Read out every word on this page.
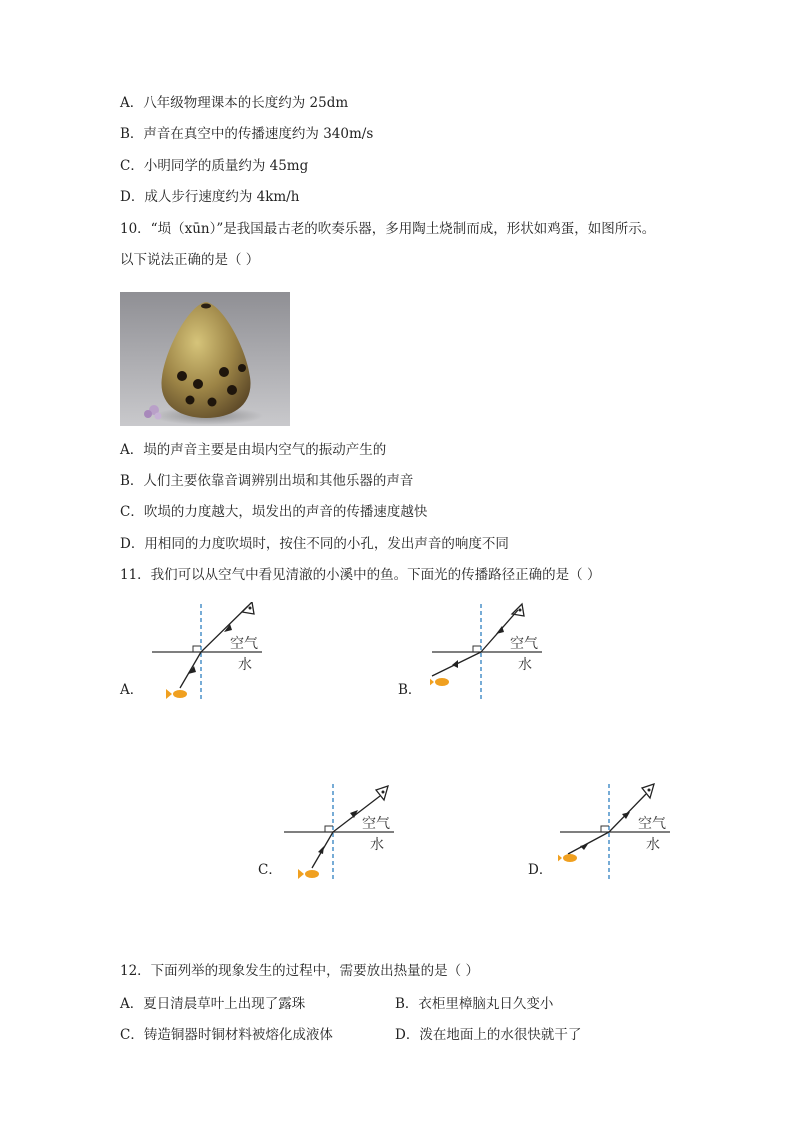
A．八年级物理课本的长度约为 25dm
B．声音在真空中的传播速度约为 340m/s
C．小明同学的质量约为 45mg
D．成人步行速度约为 4km/h
10．“埙（xūn）”是我国最古老的吹奏乐器，多用陶土烧制而成，形状如鸡蛋，如图所示。
以下说法正确的是（ ）
A．埙的声音主要是由埙内空气的振动产生的
B．人们主要依靠音调辨别出埙和其他乐器的声音
C．吹埙的力度越大，埙发出的声音的传播速度越快
D．用相同的力度吹埙时，按住不同的小孔，发出声音的响度不同
11．我们可以从空气中看见清澈的小溪中的鱼。下面光的传播路径正确的是（ ）
A．
空气
水
B．
空气
水
C．
空气
水
D．
空气
水
12．下面列举的现象发生的过程中，需要放出热量的是（ ）
A．夏日清晨草叶上出现了露珠	B．衣柜里樟脑丸日久变小
C．铸造铜器时铜材料被熔化成液体	D．泼在地面上的水很快就干了
